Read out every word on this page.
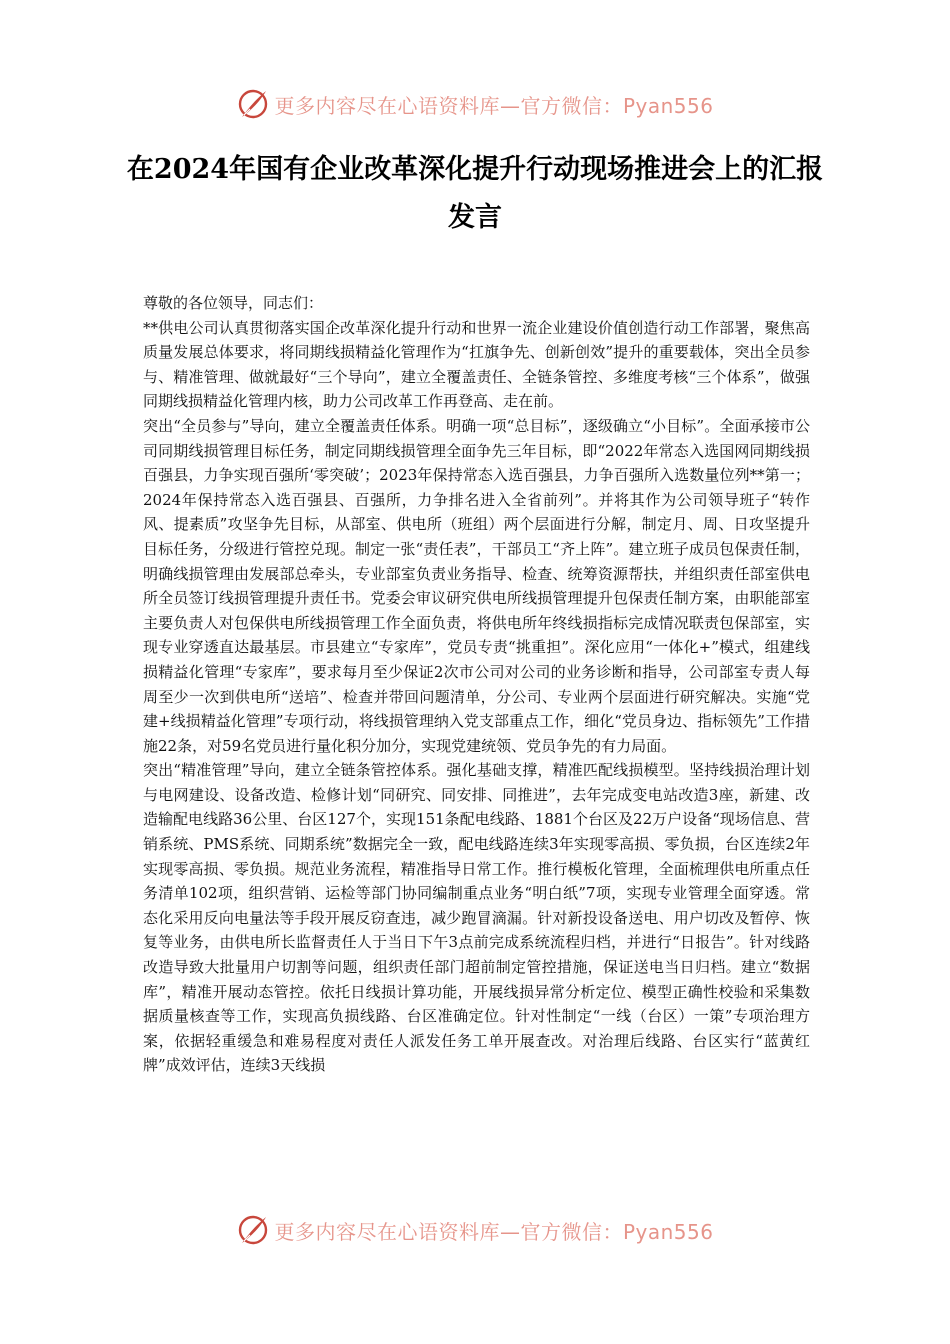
更多内容尽在心语资料库—官方微信：Pyan556
在2024年国有企业改革深化提升行动现场推进会上的汇报发言

尊敬的各位领导，同志们：

**供电公司认真贯彻落实国企改革深化提升行动和世界一流企业建设价值创造行动工作部署，聚焦高质量发展总体要求，将同期线损精益化管理作为“扛旗争先、创新创效”提升的重要载体，突出全员参与、精准管理、做就最好“三个导向”，建立全覆盖责任、全链条管控、多维度考核“三个体系”，做强同期线损精益化管理内核，助力公司改革工作再登高、走在前。

突出“全员参与”导向，建立全覆盖责任体系。明确一项“总目标”，逐级确立“小目标”。全面承接市公司同期线损管理目标任务，制定同期线损管理全面争先三年目标，即“2022年常态入选国网同期线损百强县，力争实现百强所‘零突破’；2023年保持常态入选百强县，力争百强所入选数量位列**第一；2024年保持常态入选百强县、百强所，力争排名进入全省前列”。并将其作为公司领导班子“转作风、提素质”攻坚争先目标，从部室、供电所（班组）两个层面进行分解，制定月、周、日攻坚提升目标任务，分级进行管控兑现。制定一张“责任表”，干部员工“齐上阵”。建立班子成员包保责任制，明确线损管理由发展部总牵头，专业部室负责业务指导、检查、统筹资源帮扶，并组织责任部室供电所全员签订线损管理提升责任书。党委会审议研究供电所线损管理提升包保责任制方案，由职能部室主要负责人对包保供电所线损管理工作全面负责，将供电所年终线损指标完成情况联责包保部室，实现专业穿透直达最基层。市县建立“专家库”，党员专责“挑重担”。深化应用“一体化+”模式，组建线损精益化管理“专家库”，要求每月至少保证2次市公司对公司的业务诊断和指导，公司部室专责人每周至少一次到供电所“送培”、检查并带回问题清单，分公司、专业两个层面进行研究解决。实施“党建+线损精益化管理”专项行动，将线损管理纳入党支部重点工作，细化“党员身边、指标领先”工作措施22条，对59名党员进行量化积分加分，实现党建统领、党员争先的有力局面。

突出“精准管理”导向，建立全链条管控体系。强化基础支撑，精准匹配线损模型。坚持线损治理计划与电网建设、设备改造、检修计划“同研究、同安排、同推进”，去年完成变电站改造3座，新建、改造输配电线路36公里、台区127个，实现151条配电线路、1881个台区及22万户设备“现场信息、营销系统、PMS系统、同期系统”数据完全一致，配电线路连续3年实现零高损、零负损，台区连续2年实现零高损、零负损。规范业务流程，精准指导日常工作。推行模板化管理，全面梳理供电所重点任务清单102项，组织营销、运检等部门协同编制重点业务“明白纸”7项，实现专业管理全面穿透。常态化采用反向电量法等手段开展反窃查违，减少跑冒滴漏。针对新投设备送电、用户切改及暂停、恢复等业务，由供电所长监督责任人于当日下午3点前完成系统流程归档，并进行“日报告”。针对线路改造导致大批量用户切割等问题，组织责任部门超前制定管控措施，保证送电当日归档。建立“数据库”，精准开展动态管控。依托日线损计算功能，开展线损异常分析定位、模型正确性校验和采集数据质量核查等工作，实现高负损线路、台区准确定位。针对性制定“一线（台区）一策”专项治理方案，依据轻重缓急和难易程度对责任人派发任务工单开展查改。对治理后线路、台区实行“蓝黄红牌”成效评估，连续3天线损

更多内容尽在心语资料库—官方微信：Pyan556
